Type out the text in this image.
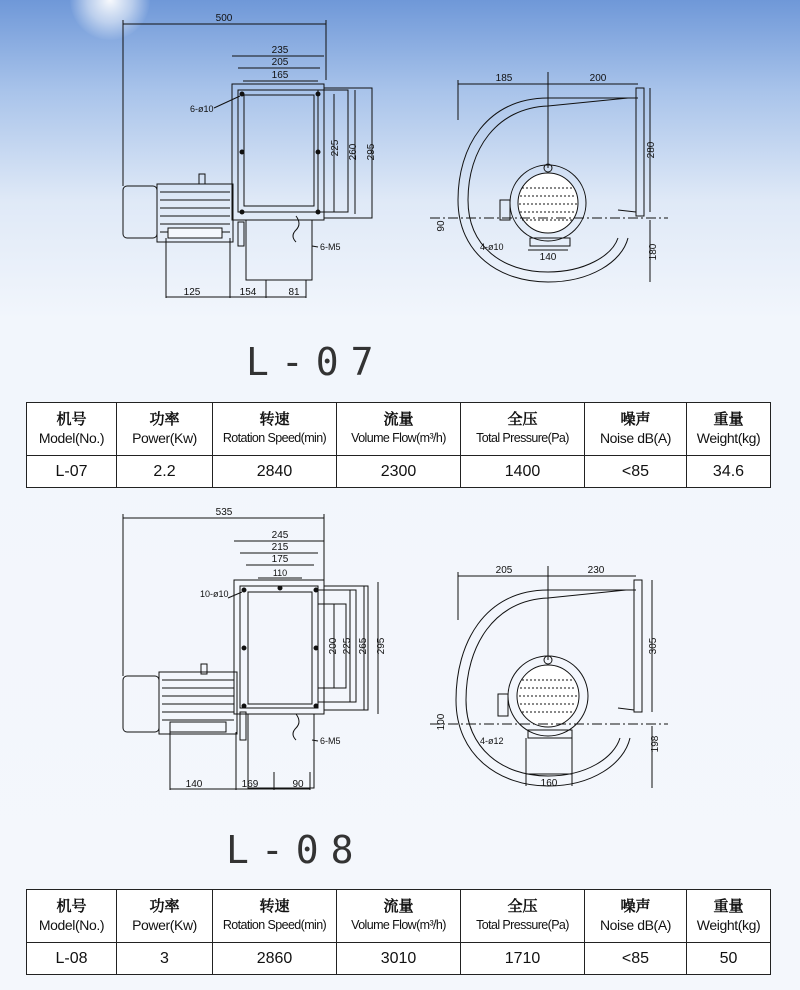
500
235
205
165
6-ø10
225 260 295
6-M5
125	154	81
185	200
280
90
4-ø10
140	180
L-07
机号
Model(No.)	功率
Power(Kw)	转速
Rotation Speed(min)	流量
Volume Flow(m³/h)	全压
Total Pressure(Pa)	噪声
Noise dB(A)	重量
Weight(kg)

L-07	2.2	2840	2300	1400	<85	34.6
535
245
215
175
110
10-ø10
200 225 265 295
6-M5
140	169	90
205	230
305
100
4-ø12
160
198
L-08
机号
Model(No.)	功率
Power(Kw)	转速
Rotation Speed(min)	流量
Volume Flow(m³/h)	全压
Total Pressure(Pa)	噪声
Noise dB(A)	重量
Weight(kg)

L-08	3	2860	3010	1710	<85	50
